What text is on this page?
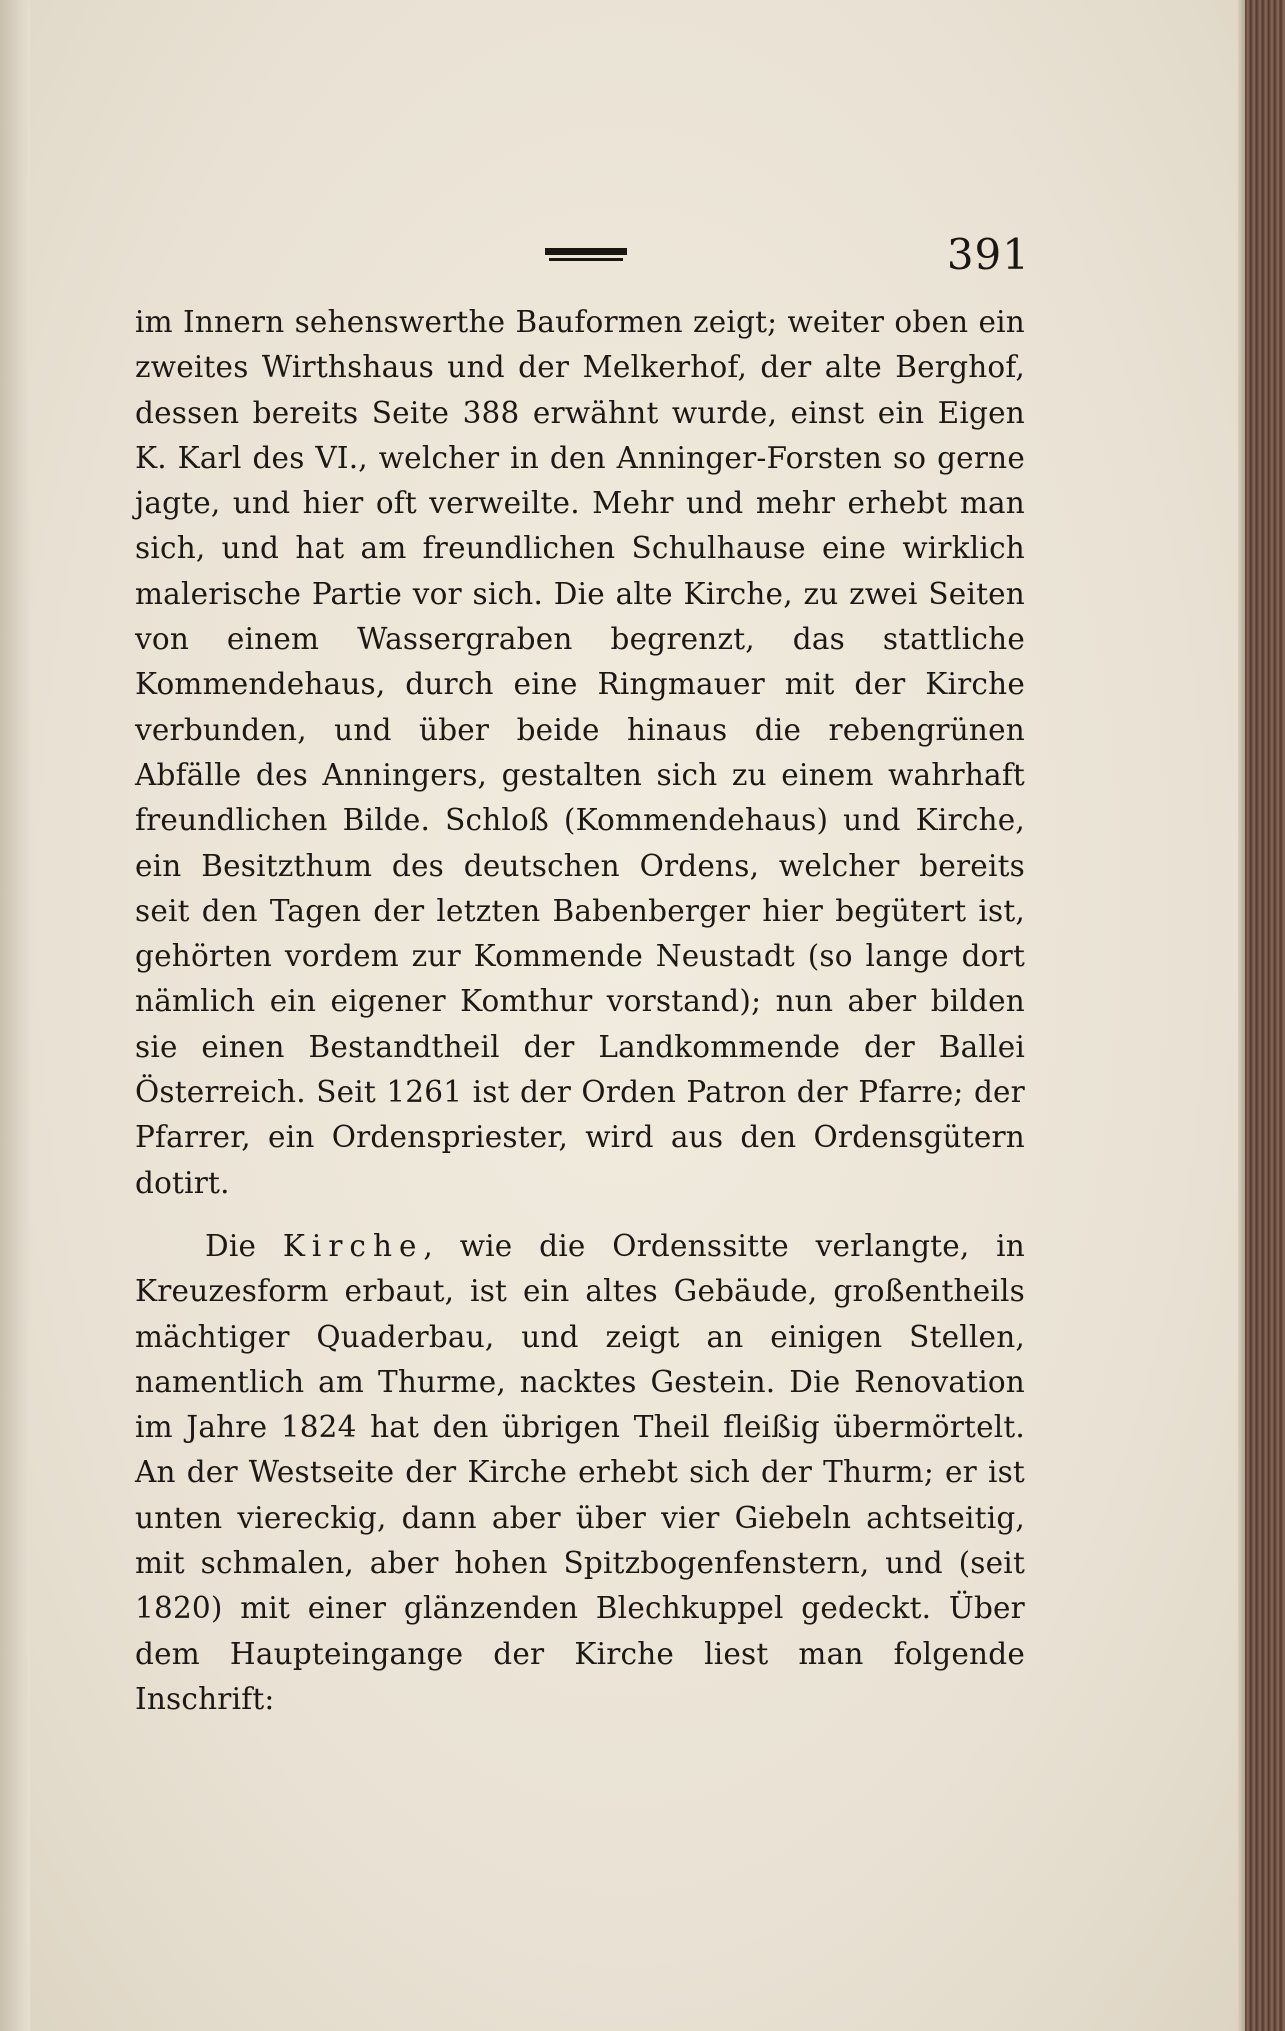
391

im Innern sehenswerthe Bauformen zeigt; weiter oben ein zweites Wirthshaus und der Melkerhof, der alte Berghof, dessen bereits Seite 388 erwähnt wurde, einst ein Eigen K. Karl des VI., welcher in den Anninger-Forsten so gerne jagte, und hier oft verweilte. Mehr und mehr erhebt man sich, und hat am freundlichen Schulhause eine wirklich malerische Partie vor sich. Die alte Kirche, zu zwei Seiten von einem Wassergraben begrenzt, das stattliche Kommendehaus, durch eine Ringmauer mit der Kirche verbunden, und über beide hinaus die rebengrünen Abfälle des Anningers, gestalten sich zu einem wahrhaft freundlichen Bilde. Schloß (Kommendehaus) und Kirche, ein Besitzthum des deutschen Ordens, welcher bereits seit den Tagen der letzten Babenberger hier begütert ist, gehörten vordem zur Kommende Neustadt (so lange dort nämlich ein eigener Komthur vorstand); nun aber bilden sie einen Bestandtheil der Landkommende der Ballei Österreich. Seit 1261 ist der Orden Patron der Pfarre; der Pfarrer, ein Ordenspriester, wird aus den Ordensgütern dotirt.

Die Kirche, wie die Ordenssitte verlangte, in Kreuzesform erbaut, ist ein altes Gebäude, großentheils mächtiger Quaderbau, und zeigt an einigen Stellen, namentlich am Thurme, nacktes Gestein. Die Renovation im Jahre 1824 hat den übrigen Theil fleißig übermörtelt. An der Westseite der Kirche erhebt sich der Thurm; er ist unten viereckig, dann aber über vier Giebeln achtseitig, mit schmalen, aber hohen Spitzbogenfenstern, und (seit 1820) mit einer glänzenden Blechkuppel gedeckt. Über dem Haupteingange der Kirche liest man folgende Inschrift:
